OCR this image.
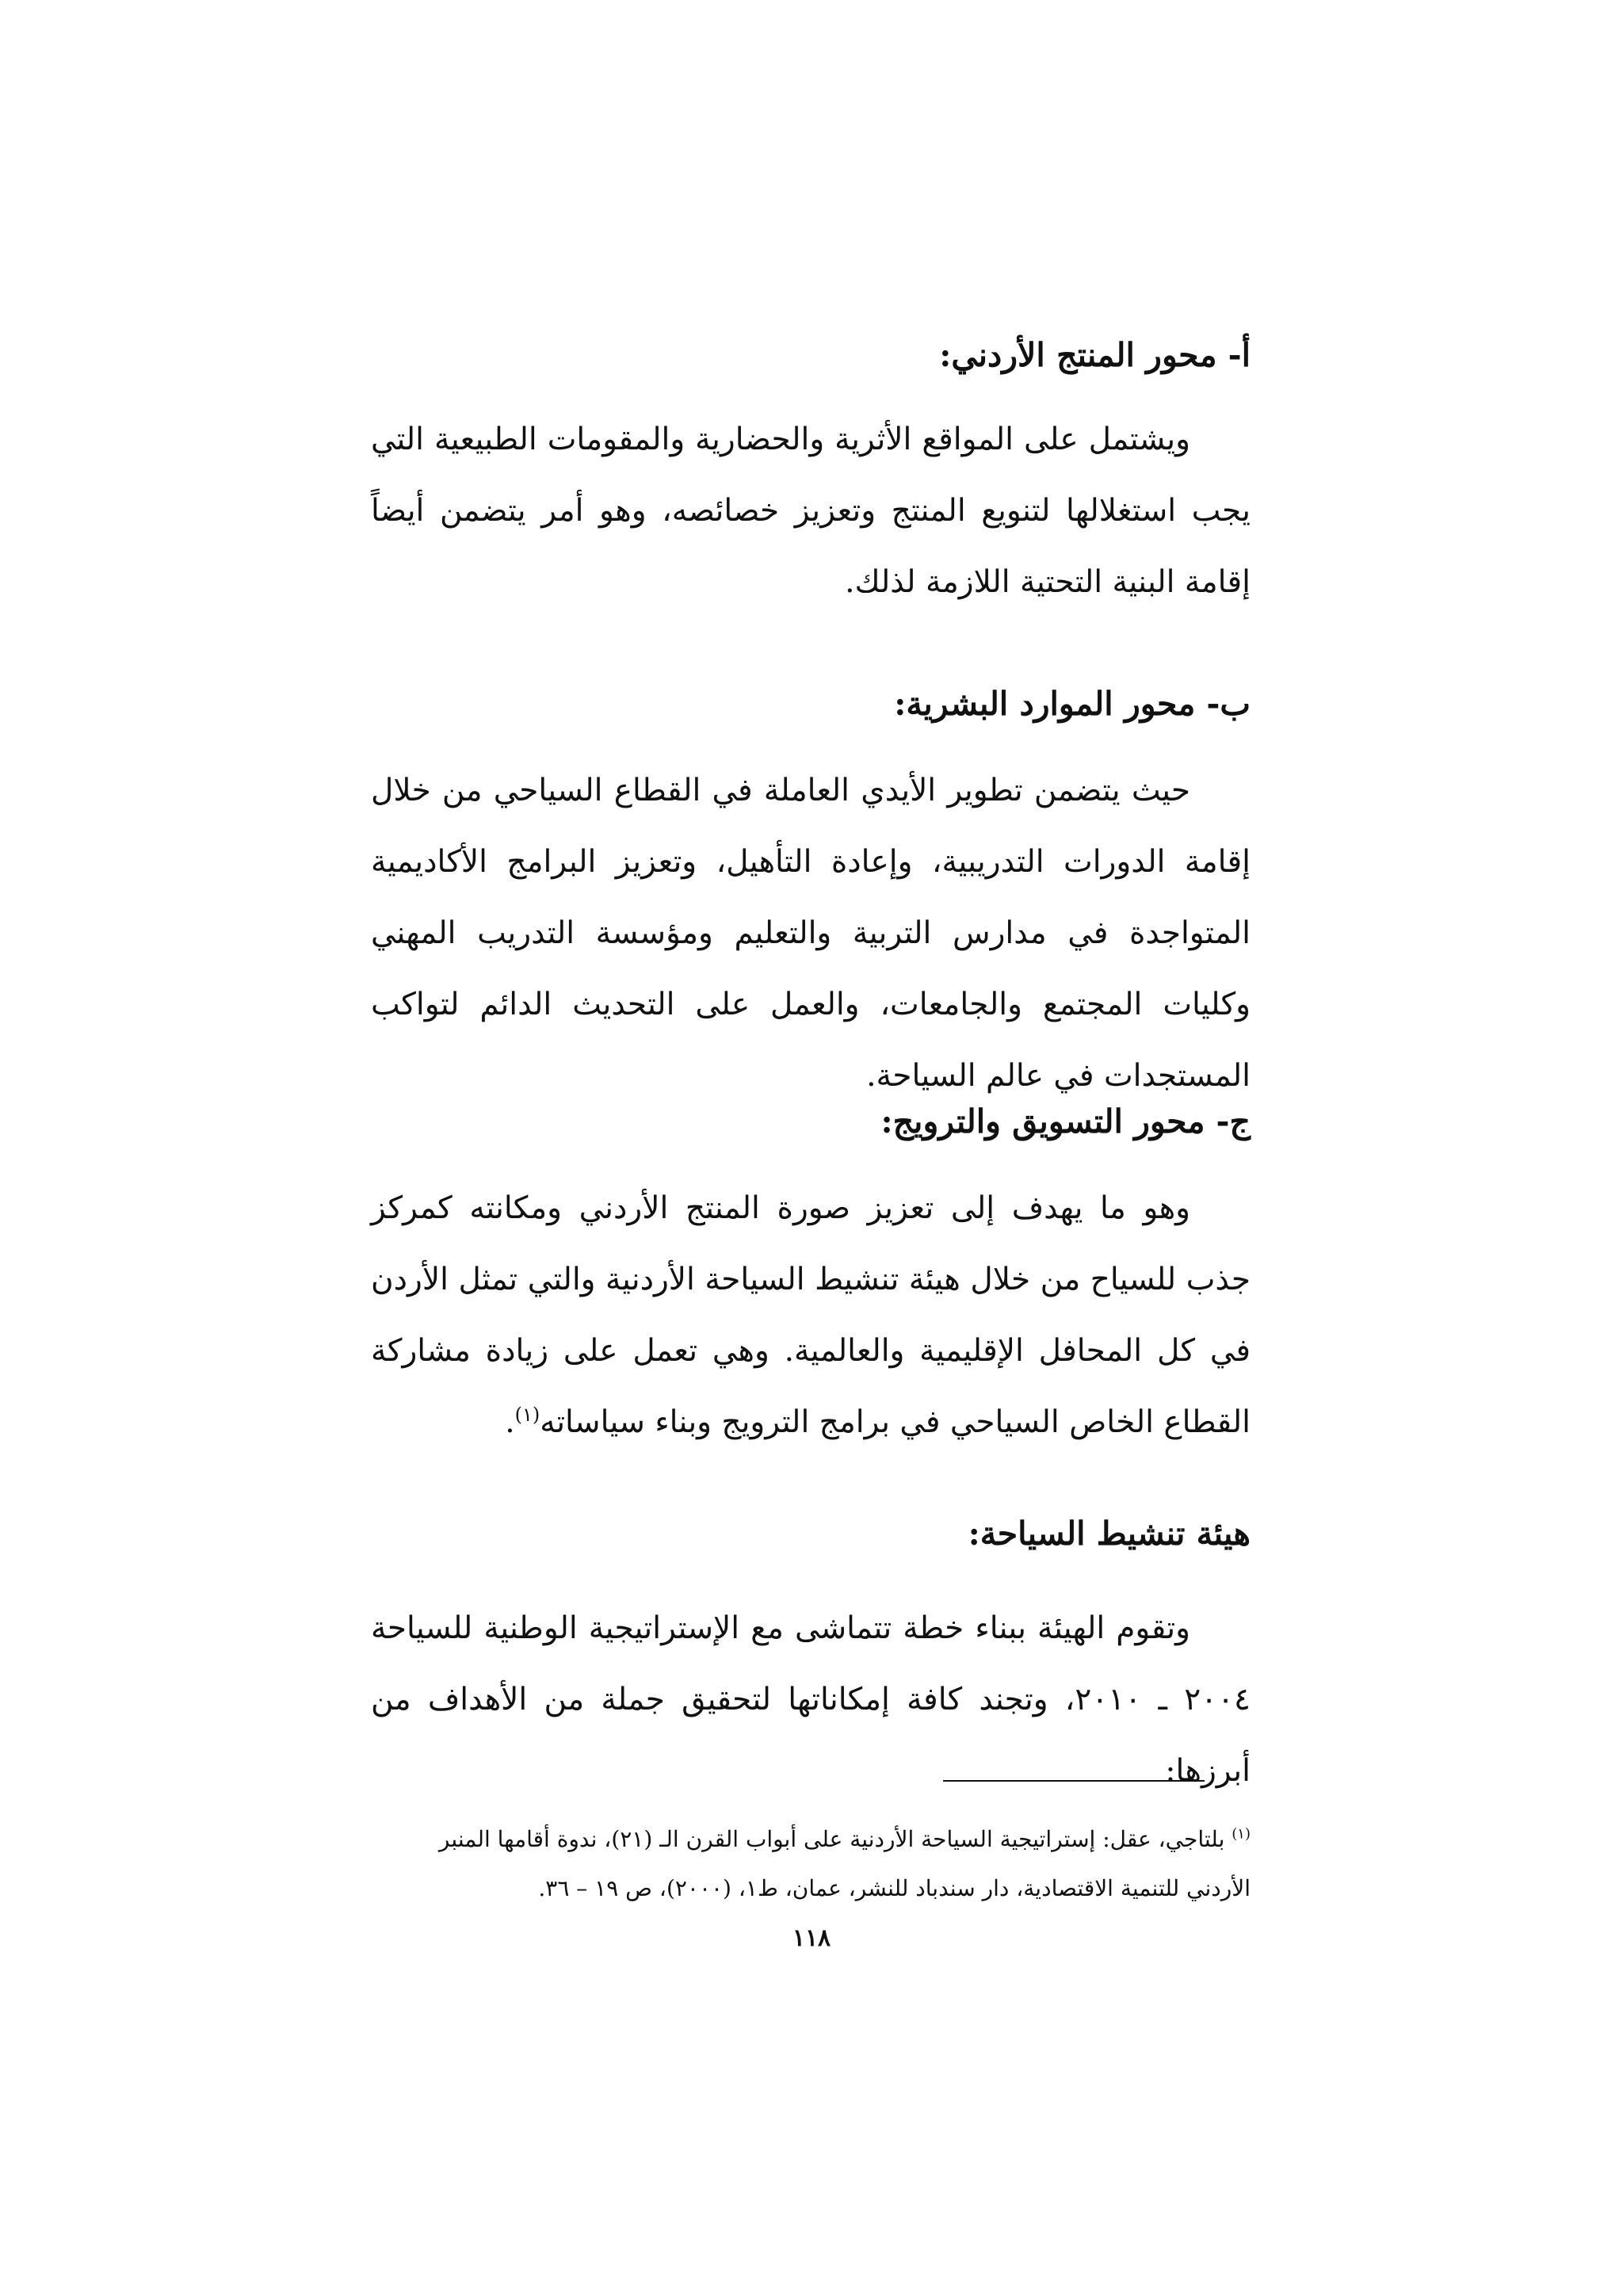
أ-محور المنتج الأردني:

ويشتمل على المواقع الأثرية والحضارية والمقومات الطبيعية التي يجب استغلالها لتنويع المنتج وتعزيز خصائصه، وهو أمر يتضمن أيضاً إقامة البنية التحتية اللازمة لذلك.

ب-محور الموارد البشرية:

حيث يتضمن تطوير الأيدي العاملة في القطاع السياحي من خلال إقامة الدورات التدريبية، وإعادة التأهيل، وتعزيز البرامج الأكاديمية المتواجدة في مدارس التربية والتعليم ومؤسسة التدريب المهني وكليات المجتمع والجامعات، والعمل على التحديث الدائم لتواكب المستجدات في عالم السياحة.

ج-محور التسويق والترويج:

وهو ما يهدف إلى تعزيز صورة المنتج الأردني ومكانته كمركز جذب للسياح من خلال هيئة تنشيط السياحة الأردنية والتي تمثل الأردن في كل المحافل الإقليمية والعالمية. وهي تعمل على زيادة مشاركة القطاع الخاص السياحي في برامج الترويج وبناء سياساته$^{(١)}$.

هيئة تنشيط السياحة:

وتقوم الهيئة ببناء خطة تتماشى مع الإستراتيجية الوطنية للسياحة ٢٠٠٤ ـ ٢٠١٠، وتجند كافة إمكاناتها لتحقيق جملة من الأهداف من أبرزها:

$^{(١)}$ بلتاجي، عقل: إستراتيجية السياحة الأردنية على أبواب القرن الـ (٢١)، ندوة أقامها المنبر الأردني للتنمية الاقتصادية، دار سندباد للنشر، عمان، ط١، (٢٠٠٠)، ص ١٩ – ٣٦.
١١٨
